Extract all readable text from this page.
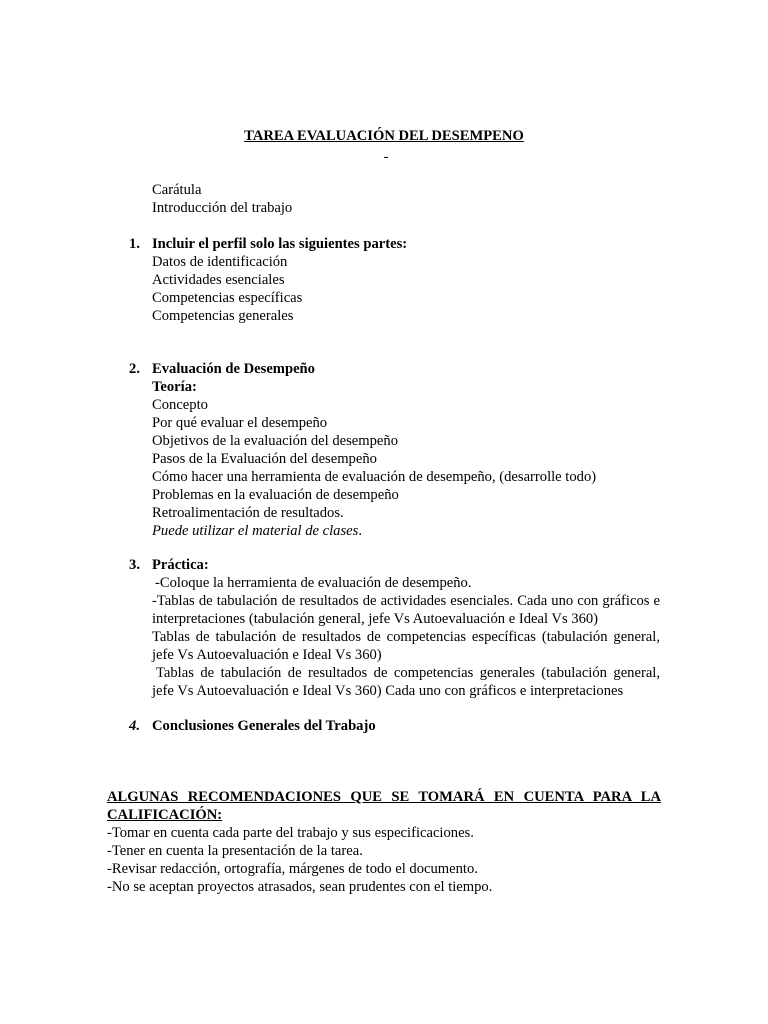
TAREA EVALUACIÓN DEL DESEMPENO
-
Carátula
Introducción del trabajo
1. Incluir el perfil solo las siguientes partes:
Datos de identificación
Actividades esenciales
Competencias específicas
Competencias generales
2. Evaluación de Desempeño
Teoría:
Concepto
Por qué evaluar el desempeño
Objetivos de la evaluación del desempeño
Pasos de la Evaluación del desempeño
Cómo hacer una herramienta de evaluación de desempeño, (desarrolle todo)
Problemas en la evaluación de desempeño
Retroalimentación de resultados.
Puede utilizar el material de clases.
3. Práctica:
-Coloque la herramienta de evaluación de desempeño.
-Tablas de tabulación de resultados de actividades esenciales. Cada uno con gráficos e interpretaciones (tabulación general, jefe Vs Autoevaluación e Ideal Vs 360)
Tablas de tabulación de resultados de competencias específicas (tabulación general, jefe Vs Autoevaluación e Ideal Vs 360)
Tablas de tabulación de resultados de competencias generales (tabulación general, jefe Vs Autoevaluación e Ideal Vs 360) Cada uno con gráficos e interpretaciones
4. Conclusiones Generales del Trabajo
ALGUNAS RECOMENDACIONES QUE SE TOMARÁ EN CUENTA PARA LA CALIFICACIÓN:
-Tomar en cuenta cada parte del trabajo y sus especificaciones.
-Tener en cuenta la presentación de la tarea.
-Revisar redacción, ortografía, márgenes de todo el documento.
-No se aceptan proyectos atrasados, sean prudentes con el tiempo.
